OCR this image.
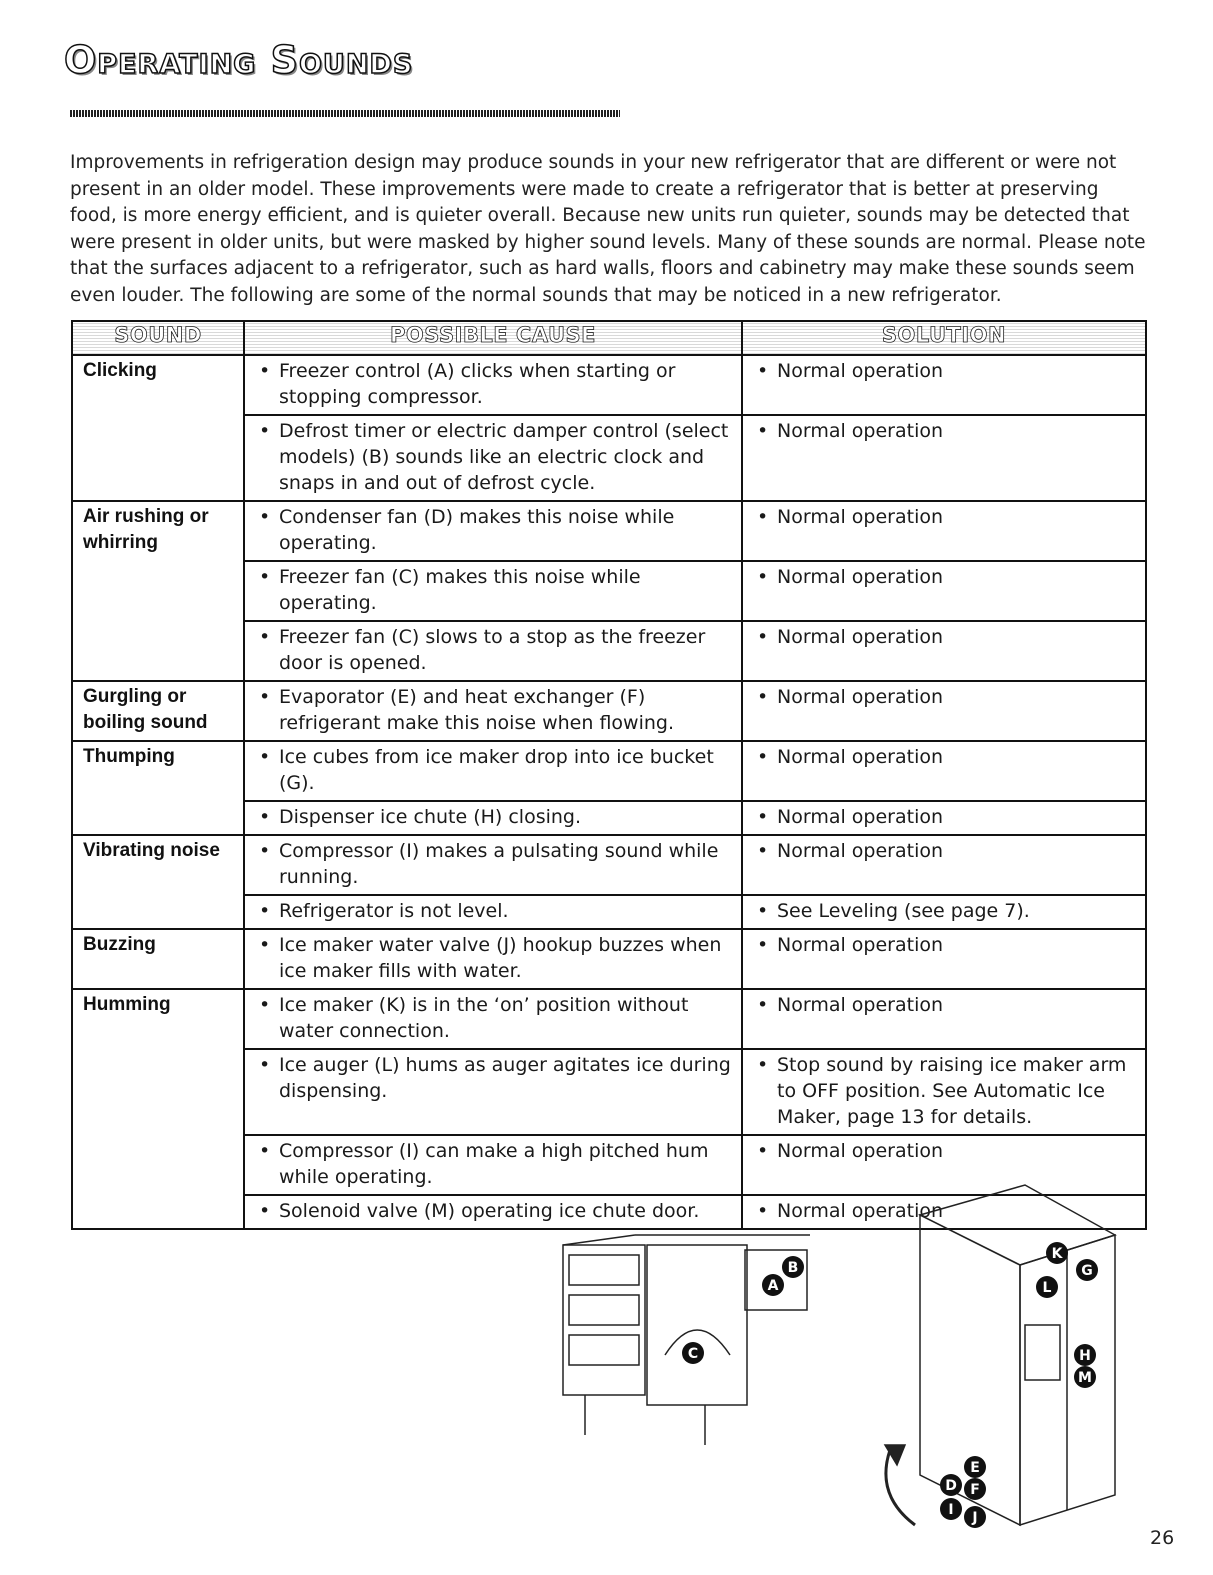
Operating Sounds

Improvements in refrigeration design may produce sounds in your new refrigerator that are different or were not present in an older model. These improvements were made to create a refrigerator that is better at preserving food, is more energy efficient, and is quieter overall. Because new units run quieter, sounds may be detected that were present in older units, but were masked by higher sound levels. Many of these sounds are normal. Please note that the surfaces adjacent to a refrigerator, such as hard walls, floors and cabinetry may make these sounds seem even louder. The following are some of the normal sounds that may be noticed in a new refrigerator.

SOUND	POSSIBLE CAUSE	SOLUTION
Clicking	• Freezer control (A) clicks when starting or stopping compressor.	• Normal operation

	• Defrost timer or electric damper control (select models) (B) sounds like an electric clock and snaps in and out of defrost cycle.	• Normal operation

Air rushing or whirring	• Condenser fan (D) makes this noise while operating.	• Normal operation

	• Freezer fan (C) makes this noise while operating.	• Normal operation

	• Freezer fan (C) slows to a stop as the freezer door is opened.	• Normal operation

Gurgling or boiling sound	• Evaporator (E) and heat exchanger (F) refrigerant make this noise when flowing.	• Normal operation

Thumping	• Ice cubes from ice maker drop into ice bucket (G).	• Normal operation

	• Dispenser ice chute (H) closing.	• Normal operation

Vibrating noise	• Compressor (I) makes a pulsating sound while running.	• Normal operation

	• Refrigerator is not level.	• See Leveling (see page 7).

Buzzing	• Ice maker water valve (J) hookup buzzes when ice maker fills with water.	• Normal operation

Humming	• Ice maker (K) is in the ‘on’ position without water connection.	• Normal operation

	• Ice auger (L) hums as auger agitates ice during dispensing.	• Stop sound by raising ice maker arm to OFF position. See Automatic Ice Maker, page 13 for details.

	• Compressor (I) can make a high pitched hum while operating.	• Normal operation

	• Solenoid valve (M) operating ice chute door.	• Normal operation
A
B
C
D
E
F
G
H
I J
K
L
M
26
